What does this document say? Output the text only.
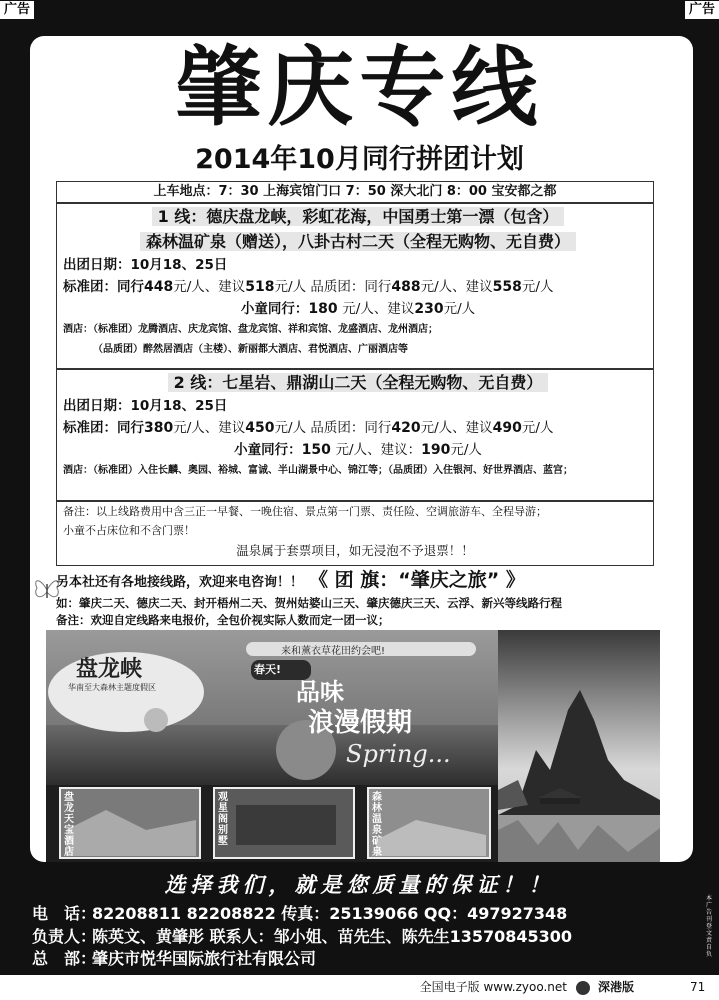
广告	广告
肇庆专线
2014年10月同行拼团计划
上车地点：7：30 上海宾馆门口 7：50 深大北门 8：00 宝安都之都
1 线：德庆盘龙峡，彩虹花海，中国勇士第一漂（包含）
森林温矿泉（赠送），八卦古村二天（全程无购物、无自费）
出团日期：10月18、25日
标准团：同行448元/人、建议518元/人 品质团：同行488元/人、建议558元/人
小童同行：180 元/人、建议230元/人
酒店：（标准团）龙腾酒店、庆龙宾馆、盘龙宾馆、祥和宾馆、龙盛酒店、龙州酒店；
（品质团）醉然居酒店（主楼）、新丽都大酒店、君悦酒店、广丽酒店等
2 线：七星岩、鼎湖山二天（全程无购物、无自费）
出团日期：10月18、25日
标准团：同行380元/人、建议450元/人 品质团：同行420元/人、建议490元/人
小童同行：150 元/人、建议：190元/人
酒店：（标准团）入住长麟、奥园、裕城、富诚、半山湖景中心、锦江等；（品质团）入住银河、好世界酒店、蓝宫；
备注：以上线路费用中含三正一早餐、一晚住宿、景点第一门票、责任险、空调旅游车、全程导游；
小童不占床位和不含门票！
温泉属于套票项目，如无浸泡不予退票！！
另本社还有各地接线路，欢迎来电咨询！！ 《 团 旗：“肇庆之旅” 》
如：肇庆二天、德庆二天、封开梧州二天、贺州姑婆山三天、肇庆德庆三天、云浮、新兴等线路行程
备注：欢迎自定线路来电报价，全包价视实际人数而定一团一议；
盘龙峡
华南至大森林主题度假区
春天!
来和薰衣草花田约会吧!
品味
浪漫假期
Spring...
盘龙天宝酒店
观星阁别墅
森林温泉矿泉
选择我们，就是您质量的保证！！
电　话：82208811 82208822 传真：25139066 QQ：497927348
负责人：陈英文、黄肇彤 联系人：邹小姐、苗先生、陈先生13570845300
总　部：肇庆市悦华国际旅行社有限公司
本广告刊登文责自负
全国电子版 www.zyoo.net	深港版	71
